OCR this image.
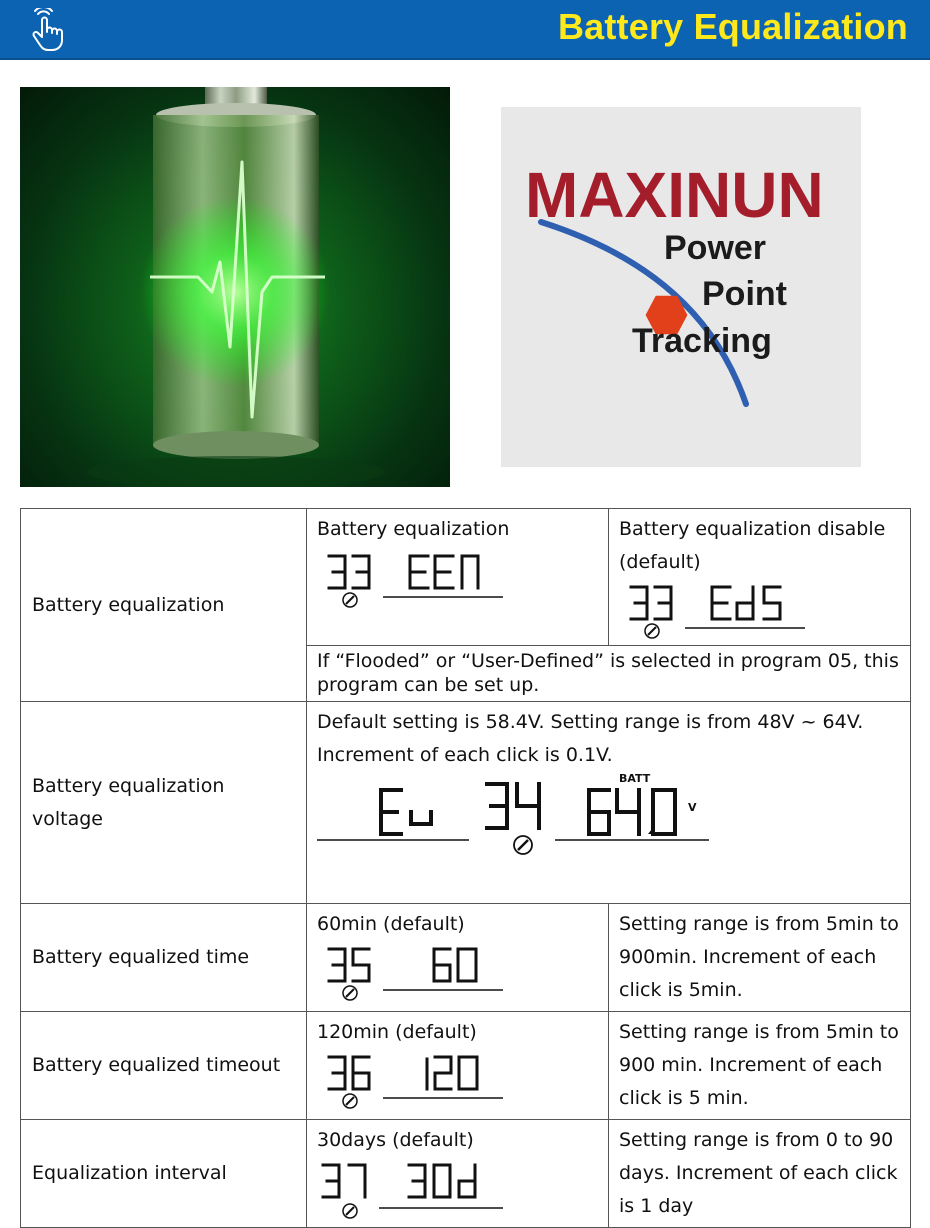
Battery Equalization
MAXINUN
Power
Point
Tracking
Battery equalization	Battery equalization	Battery equalization disable (default)

	If “Flooded” or “User-Defined” is selected in program 05, this program can be set up.	
Battery equalization voltage	Default setting is 58.4V. Setting range is from 48V ~ 64V.
Increment of each click is 0.1V.
BATT
V	

Battery equalized time	60min (default)	Setting range is from 5min to 900min. Increment of each click is 5min.
Battery equalized timeout	120min (default)	Setting range is from 5min to 900 min. Increment of each click is 5 min.
Equalization interval	30days (default)	Setting range is from 0 to 90 days. Increment of each click is 1 day
